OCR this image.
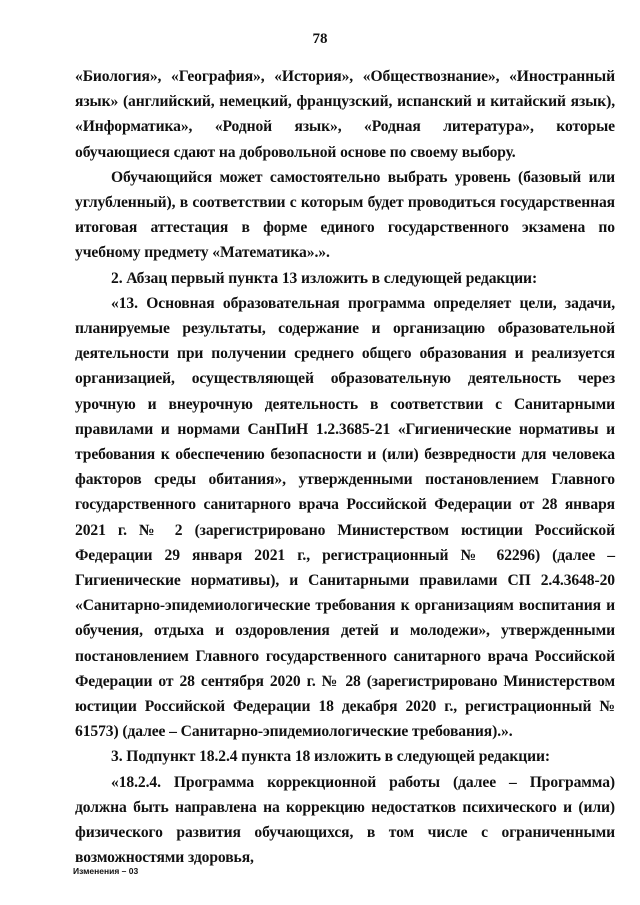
78

«Биология», «География», «История», «Обществознание», «Иностранный язык» (английский, немецкий, французский, испанский и китайский язык), «Информатика», «Родной язык», «Родная литература», которые обучающиеся сдают на добровольной основе по своему выбору.

Обучающийся может самостоятельно выбрать уровень (базовый или углубленный), в соответствии с которым будет проводиться государственная итоговая аттестация в форме единого государственного экзамена по учебному предмету «Математика».».

2. Абзац первый пункта 13 изложить в следующей редакции:

«13. Основная образовательная программа определяет цели, задачи, планируемые результаты, содержание и организацию образовательной деятельности при получении среднего общего образования и реализуется организацией, осуществляющей образовательную деятельность через урочную и внеурочную деятельность в соответствии с Санитарными правилами и нормами СанПиН 1.2.3685-21 «Гигиенические нормативы и требования к обеспечению безопасности и (или) безвредности для человека факторов среды обитания», утвержденными постановлением Главного государственного санитарного врача Российской Федерации от 28 января 2021 г. № 2 (зарегистрировано Министерством юстиции Российской Федерации 29 января 2021 г., регистрационный № 62296) (далее – Гигиенические нормативы), и Санитарными правилами СП 2.4.3648-20 «Санитарно-эпидемиологические требования к организациям воспитания и обучения, отдыха и оздоровления детей и молодежи», утвержденными постановлением Главного государственного санитарного врача Российской Федерации от 28 сентября 2020 г. № 28 (зарегистрировано Министерством юстиции Российской Федерации 18 декабря 2020 г., регистрационный № 61573) (далее – Санитарно-эпидемиологические требования).».

3. Подпункт 18.2.4 пункта 18 изложить в следующей редакции:

«18.2.4. Программа коррекционной работы (далее – Программа) должна быть направлена на коррекцию недостатков психического и (или) физического развития обучающихся, в том числе с ограниченными возможностями здоровья,

Изменения – 03
